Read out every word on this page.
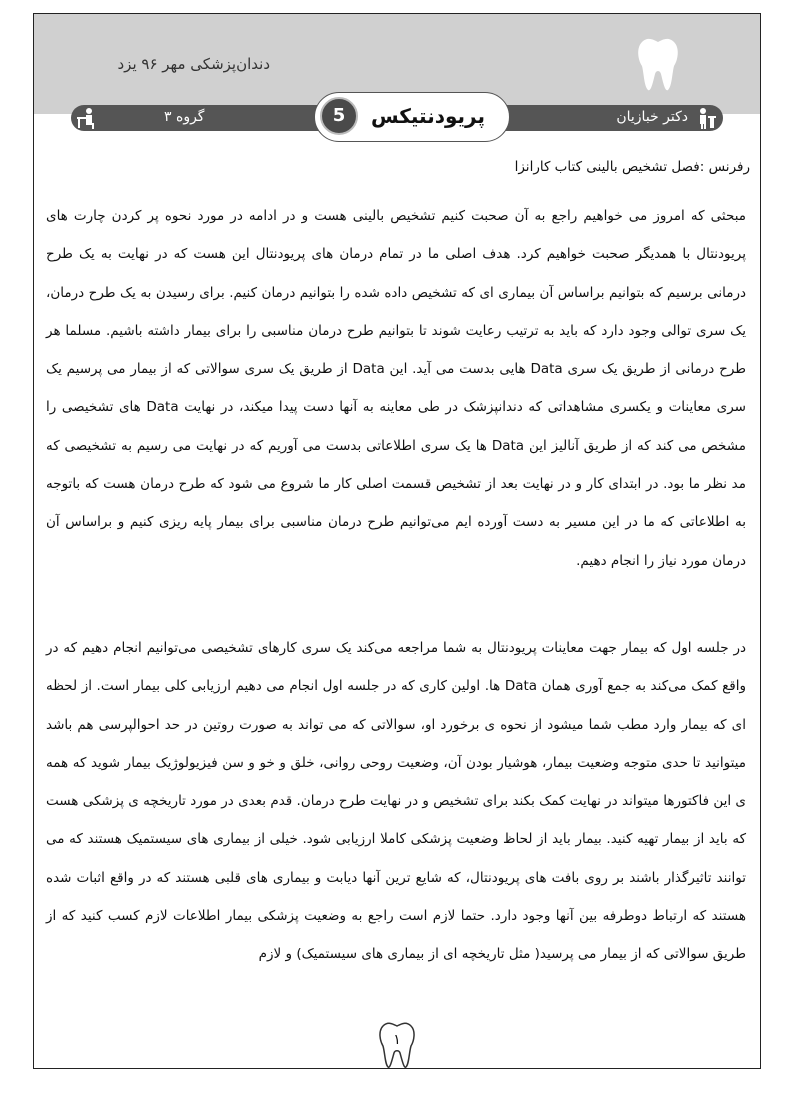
دندان‌پزشکی مهر ۹۶ یزد
دکتر خبازیان
گروه ۳	5	پریودنتیکس
رفرنس :فصل تشخیص بالینی کتاب کارانزا

مبحثی که امروز می خواهیم راجع به آن صحبت کنیم تشخیص بالینی هست و در ادامه در مورد نحوه پر کردن چارت های پریودنتال با همدیگر صحبت خواهیم کرد. هدف اصلی ما در تمام درمان های پریودنتال این هست که در نهایت به یک طرح درمانی برسیم که بتوانیم براساس آن بیماری ای که تشخیص داده شده را بتوانیم درمان کنیم. برای رسیدن به یک طرح درمان، یک سری توالی وجود دارد که باید به ترتیب رعایت شوند تا بتوانیم طرح درمان مناسبی را برای بیمار داشته باشیم. مسلما هر طرح درمانی از طریق یک سری Data هایی بدست می آید. این Data از طریق یک سری سوالاتی که از بیمار می پرسیم یک سری معاینات و یکسری مشاهداتی که دندانپزشک در طی معاینه به آنها دست پیدا میکند، در نهایت Data های تشخیصی را مشخص می کند که از طریق آنالیز این Data ها یک سری اطلاعاتی بدست می آوریم که در نهایت می رسیم به تشخیصی که مد نظر ما بود. در ابتدای کار و در نهایت بعد از تشخیص قسمت اصلی کار ما شروع می شود که طرح درمان هست که باتوجه به اطلاعاتی که ما در این مسیر به دست آورده ایم می‌توانیم طرح درمان مناسبی برای بیمار پایه ریزی کنیم و براساس آن درمان مورد نیاز را انجام دهیم.

در جلسه اول که بیمار جهت معاینات پریودنتال به شما مراجعه می‌کند یک سری کارهای تشخیصی می‌توانیم انجام دهیم که در واقع کمک می‌کند به جمع آوری همان Data ها. اولین کاری که در جلسه اول انجام می دهیم ارزیابی کلی بیمار است. از لحظه ای که بیمار وارد مطب شما میشود از نحوه ی برخورد او، سوالاتی که می تواند به صورت روتین در حد احوالپرسی هم باشد میتوانید تا حدی متوجه وضعیت بیمار، هوشیار بودن آن، وضعیت روحی روانی، خلق و خو و سن فیزیولوژیک بیمار شوید که همه ی این فاکتورها میتواند در نهایت کمک بکند برای تشخیص و در نهایت طرح درمان. قدم بعدی در مورد تاریخچه ی پزشکی هست که باید از بیمار تهیه کنید. بیمار باید از لحاظ وضعیت پزشکی کاملا ارزیابی شود. خیلی از بیماری های سیستمیک هستند که می توانند تاثیرگذار باشند بر روی بافت های پریودنتال، که شایع ترین آنها دیابت و بیماری های قلبی هستند که در واقع اثبات شده هستند که ارتباط دوطرفه بین آنها وجود دارد. حتما لازم است راجع به وضعیت پزشکی بیمار اطلاعات لازم کسب کنید که از طریق سوالاتی که از بیمار می پرسید( مثل تاریخچه ای از بیماری های سیستمیک) و لازم

۱
